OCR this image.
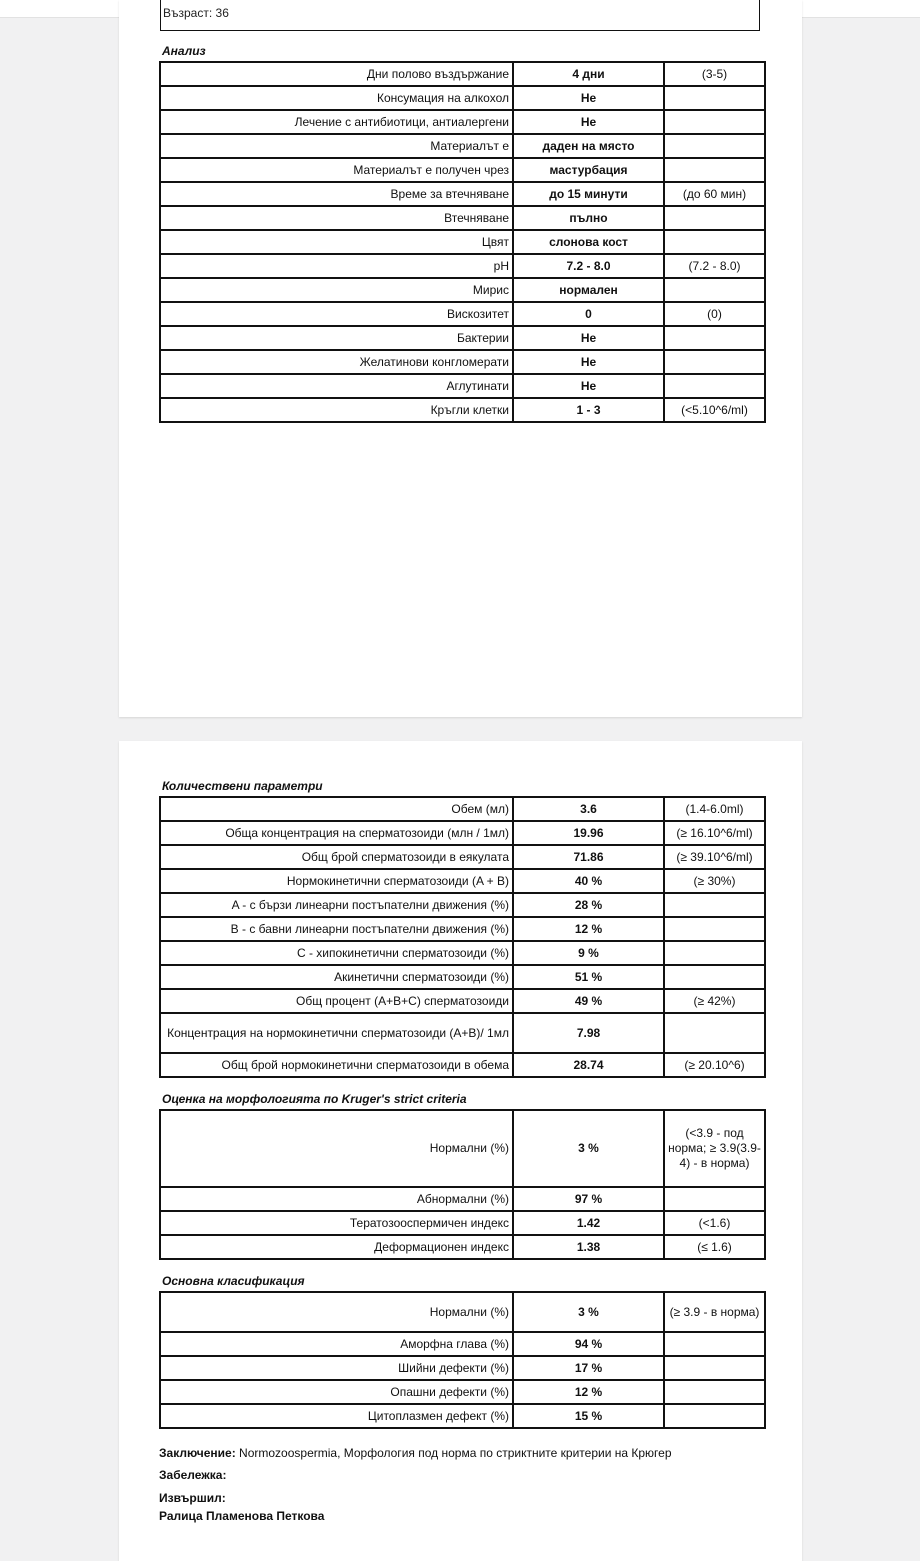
Възраст: 36
Анализ
Дни полово въздържание	4 дни	(3-5)
Консумация на алкохол	Не	
Лечение с антибиотици, антиалергени	Не	
Материалът е	даден на място	
Материалът е получен чрез	мастурбация	
Време за втечняване	до 15 минути	(до 60 мин)
Втечняване	пълно	
Цвят	слонова кост	
pH	7.2 - 8.0	(7.2 - 8.0)
Мирис	нормален	
Вискозитет	0	(0)
Бактерии	Не	
Желатинови конгломерати	Не	
Аглутинати	Не	
Кръгли клетки	1 - 3	(<5.10^6/ml)
Количествени параметри
Обем (мл)	3.6	(1.4-6.0ml)
Обща концентрация на сперматозоиди (млн / 1мл)	19.96	(≥ 16.10^6/ml)
Общ брой сперматозоиди в еякулата	71.86	(≥ 39.10^6/ml)
Нормокинетични сперматозоиди (A + B)	40 %	(≥ 30%)
A - с бързи линеарни постъпателни движения (%)	28 %	
B - с бавни линеарни постъпателни движения (%)	12 %	
C - хипокинетични сперматозоиди (%)	9 %	
Акинетични сперматозоиди (%)	51 %	
Общ процент (A+B+C) сперматозоиди	49 %	(≥ 42%)
Концентрация на нормокинетични сперматозоиди (A+B)/ 1мл	7.98	
Общ брой нормокинетични сперматозоиди в обема	28.74	(≥ 20.10^6)
Оценка на морфологията по Kruger's strict criteria
Нормални (%)	3 %	(<3.9 - под норма; ≥ 3.9(3.9-4) - в норма)
Абнормални (%)	97 %	
Тератозооспермичен индекс	1.42	(<1.6)
Деформационен индекс	1.38	(≤ 1.6)
Основна класификация
Нормални (%)	3 %	(≥ 3.9 - в норма)
Аморфна глава (%)	94 %	
Шийни дефекти (%)	17 %	
Опашни дефекти (%)	12 %	
Цитоплазмен дефект (%)	15 %	
Заключение: Normozoospermia, Морфология под норма по стриктните критерии на Крюгер
Забележка:
Извършил:
Ралица Пламенова Петкова
